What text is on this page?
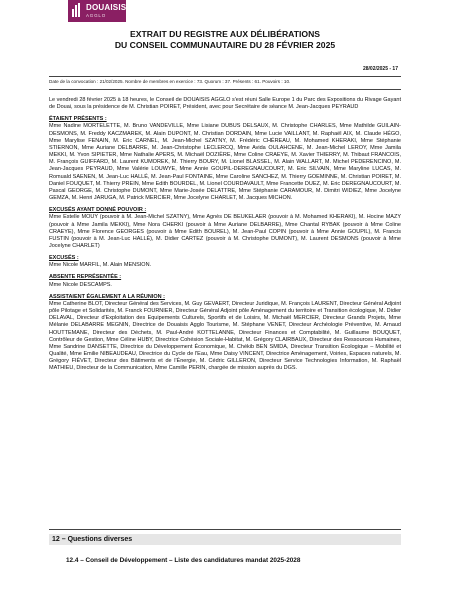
DOUAISIS
AGGLO
EXTRAIT DU REGISTRE AUX DÉLIBÉRATIONS
DU CONSEIL COMMUNAUTAIRE DU 28 FÉVRIER 2025
28/02/2025 - 17
Date de la convocation : 21/02/2025. Nombre de membres en exercice : 73. Quorum : 37. Présents : 61. Pouvoirs : 10.

Le vendredi 28 février 2025 à 18 heures, le Conseil de DOUAISIS AGGLO s'est réuni Salle Europe 1 du Parc des Expositions du Rivage Gayant de Douai, sous la présidence de M. Christian POIRET, Président, avec pour Secrétaire de séance M. Jean-Jacques PEYRAUD

ÉTAIENT PRÉSENTS :

Mme Nadine MORTELETTE, M. Bruno VANDEVILLE, Mme Lisiane DUBUS DELSAUX, M. Christophe CHARLES, Mme Mathilde GUILAIN-DESMONS, M. Freddy KACZMAREK, M. Alain DUPONT, M. Christian DORDAIN, Mme Lucie VAILLANT, M. Raphaël AIX, M. Claude HÉGO, Mme Marylise FENAIN, M. Eric CARNEL, M. Jean-Michel SZATNY, M. Frédéric CHÉREAU, M. Mohamed KHERAKI, Mme Stéphanie STIERNON, Mme Auriane DELBARRE, M. Jean-Christophe LECLERCQ, Mme Avida OULAHCENE, M. Jean-Michel LEROY, Mme Jamila MEKKI, M. Yvon SIPIETER, Mme Nathalie APERS, M. Michaël DOZIÈRE, Mme Coline CRAEYE, M. Xavier THIERRY, M. Thibaut FRANCOIS, M. François GUIFFARD, M. Laurent KUMOREK, M. Thierry BOURY, M. Lionel BLASSEL, M. Alain WALLART, M. Michel PEDERENCINO, M. Jean-Jacques PEYRAUD, Mme Valérie LOUWYE, Mme Annie GOUPIL-DEREGNAUCOURT, M. Eric SILVAIN, Mme Maryline LUCAS, M. Romuald SAENEN, M. Jean-Luc HALLÉ, M. Jean-Paul FONTAINE, Mme Caroline SANCHEZ, M. Thierry GOEMINNE, M. Christian POIRET, M. Daniel FOUQUET, M. Thierry PREIN, Mme Edith BOURDEL, M. Lionel COURDAVAULT, Mme Francette DUEZ, M. Eric DEREGNAUCOURT, M. Pascal GEORGE, M. Christophe DUMONT, Mme Marie-Josée DELATTRE, Mme Stéphanie CARAMOUR, M. Dimitri WIDIEZ, Mme Jocelyne GEMZA, M. Henri JARUGA, M. Patrick MERCIER, Mme Jocelyne CHARLET, M. Jacques MICHON.

EXCUSÉS AYANT DONNÉ POUVOIR :

Mme Estelle MOUY (pouvoir à M. Jean-Michel SZATNY), Mme Agnès DE BEUKELAER (pouvoir à M. Mohamed KHERAKI), M. Hocine MAZY (pouvoir à Mme Jamila MEKKI), Mme Nora CHERKI (pouvoir à Mme Auriane DELBARRE), Mme Chantal RYBAK (pouvoir à Mme Coline CRAEYE), Mme Florence GEORGES (pouvoir à Mme Edith BOUREL), M. Jean-Paul COPIN (pouvoir à Mme Annie GOUPIL), M. Francis FUSTIN (pouvoir à M. Jean-Luc HALLÉ), M. Didier CARTEZ (pouvoir à M. Christophe DUMONT), M. Laurent DESMONS (pouvoir à Mme Jocelyne CHARLET)

EXCUSÉS :

Mme Nicole MARFIL, M. Alain MENSION.

ABSENTE REPRÉSENTÉE :

Mme Nicole DESCAMPS.

ASSISTAIENT ÉGALEMENT A LA RÉUNION :

Mme Catherine BLOT, Directeur Général des Services, M. Guy GEVAERT, Directeur Juridique, M. François LAURENT, Directeur Général Adjoint pôle Pilotage et Solidarités, M. Franck FOURNIER, Directeur Général Adjoint pôle Aménagement du territoire et Transition écologique, M. Didier DELAVAL, Directeur d'Exploitation des Equipements Culturels, Sportifs et de Loisirs, M. Michaël MERCIER, Directeur Grands Projets, Mme Mélanie DELABARRE MEGNIN, Directrice de Douaisis Agglo Tourisme, M. Stéphane VENET, Directeur Archéologie Préventive, M. Arnaud HOUTTEMANE, Directeur des Déchets, M. Paul-André KOTTELANNE, Directeur Finances et Comptabilité, M. Guillaume BOUQUET, Contrôleur de Gestion, Mme Céline HUBY, Directrice Cohésion Sociale-Habitat, M. Grégory CLAIRBAUX, Directeur des Ressources Humaines, Mme Sandrine DANSETTE, Directrice du Développement Économique, M. Chékib BEN SMIDA, Directeur Transition Écologique – Mobilité et Qualité, Mme Emilie NIBEAUDEAU, Directrice du Cycle de l'Eau, Mme Daisy VINCENT, Directrice Aménagement, Voiries, Espaces naturels, M. Grégory FIÉVET, Directeur des Bâtiments et de l'Énergie, M. Cédric GILLERON, Directeur Service Technologies Information, M. Raphaël MATHIEU, Directeur de la Communication, Mme Camille PERIN, chargée de mission auprès du DGS.

12 – Questions diverses
12.4 – Conseil de Développement – Liste des candidatures mandat 2025-2028
